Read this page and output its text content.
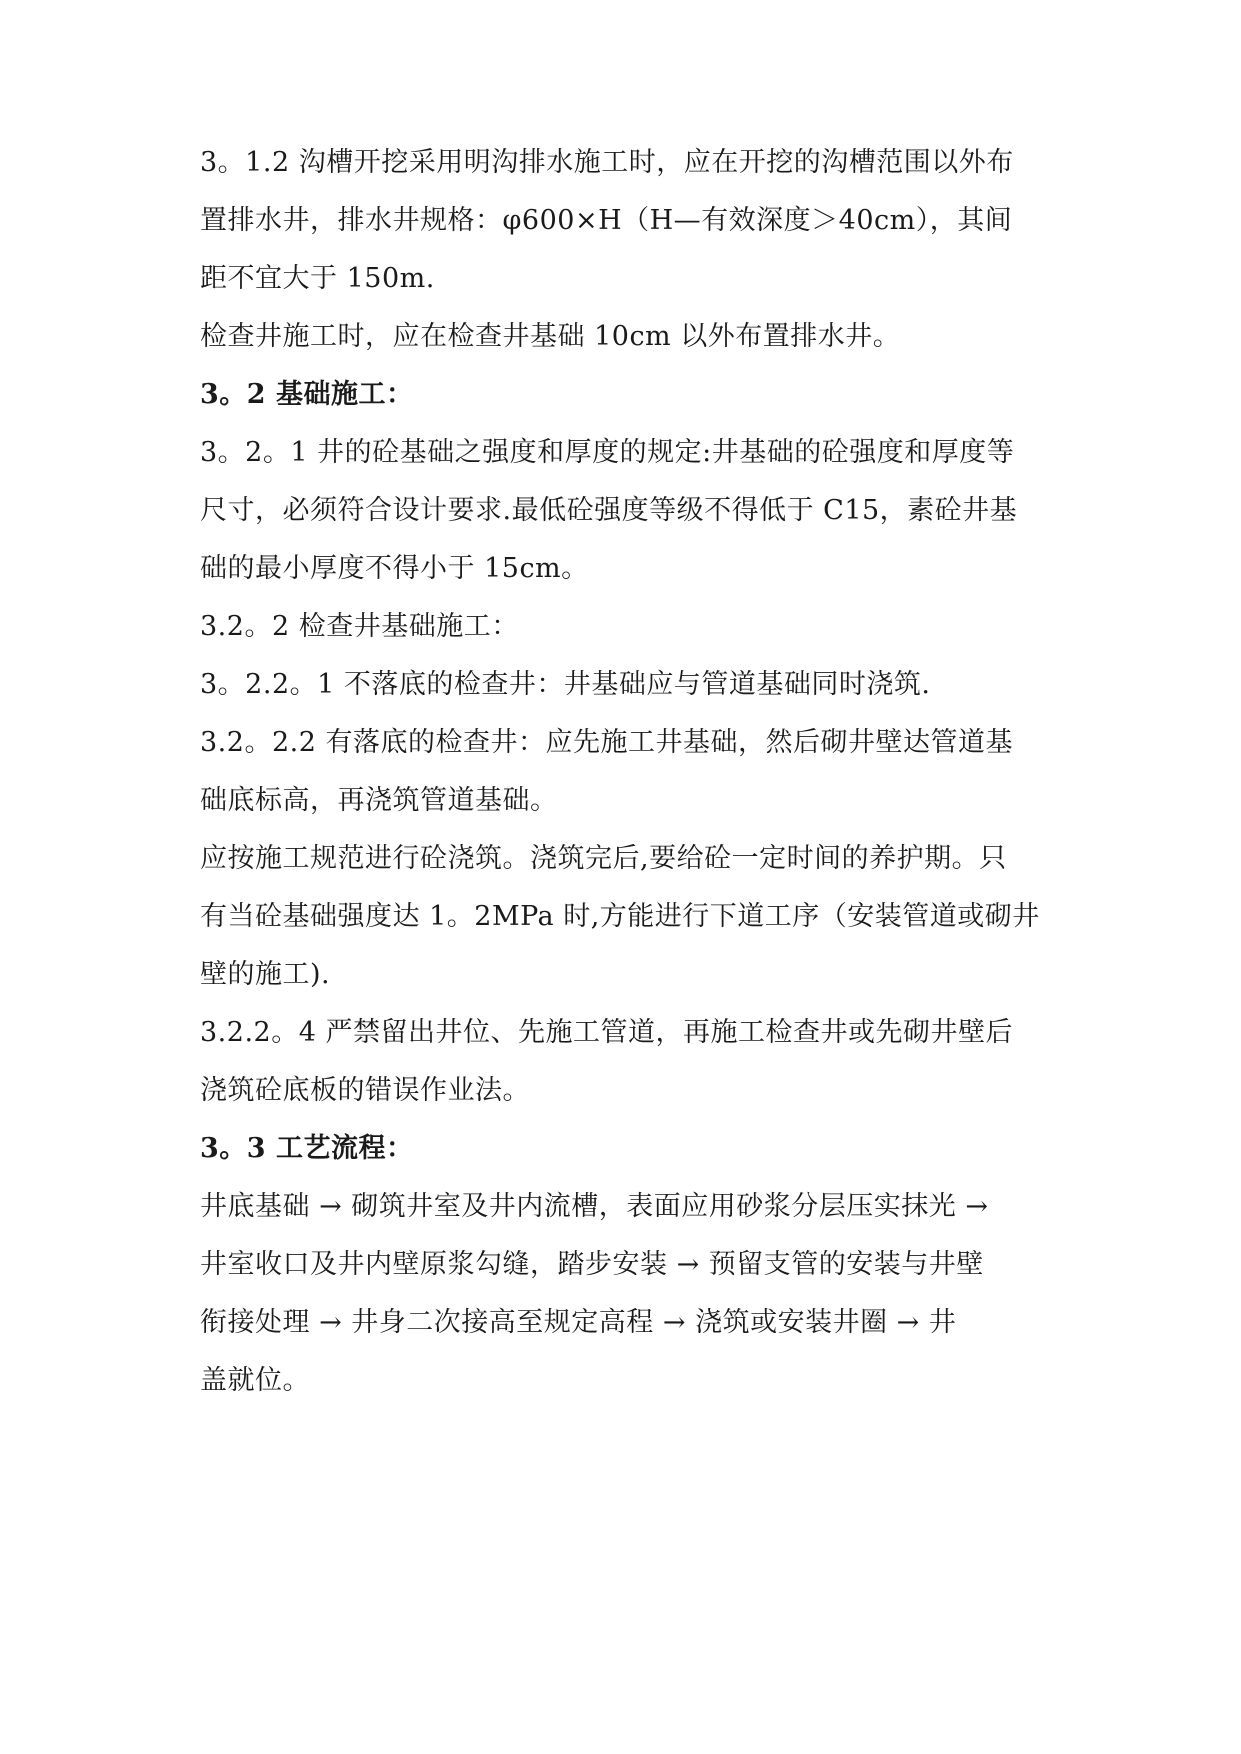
3。1.2 沟槽开挖采用明沟排水施工时，应在开挖的沟槽范围以外布

置排水井，排水井规格：φ600×H（H—有效深度＞40cm），其间

距不宜大于 150m.

检查井施工时，应在检查井基础 10cm 以外布置排水井。

3。2 基础施工：

3。2。1 井的砼基础之强度和厚度的规定:井基础的砼强度和厚度等

尺寸，必须符合设计要求.最低砼强度等级不得低于 C15，素砼井基

础的最小厚度不得小于 15cm。

3.2。2 检查井基础施工：

3。2.2。1 不落底的检查井：井基础应与管道基础同时浇筑.

3.2。2.2 有落底的检查井：应先施工井基础，然后砌井壁达管道基

础底标高，再浇筑管道基础。

应按施工规范进行砼浇筑。浇筑完后,要给砼一定时间的养护期。只

有当砼基础强度达 1。2MPa 时,方能进行下道工序（安装管道或砌井

壁的施工).

3.2.2。4 严禁留出井位、先施工管道，再施工检查井或先砌井壁后

浇筑砼底板的错误作业法。

3。3 工艺流程：

井底基础 → 砌筑井室及井内流槽，表面应用砂浆分层压实抹光 →

井室收口及井内壁原浆勾缝，踏步安装 → 预留支管的安装与井壁

衔接处理 → 井身二次接高至规定高程 → 浇筑或安装井圈 → 井

盖就位。
